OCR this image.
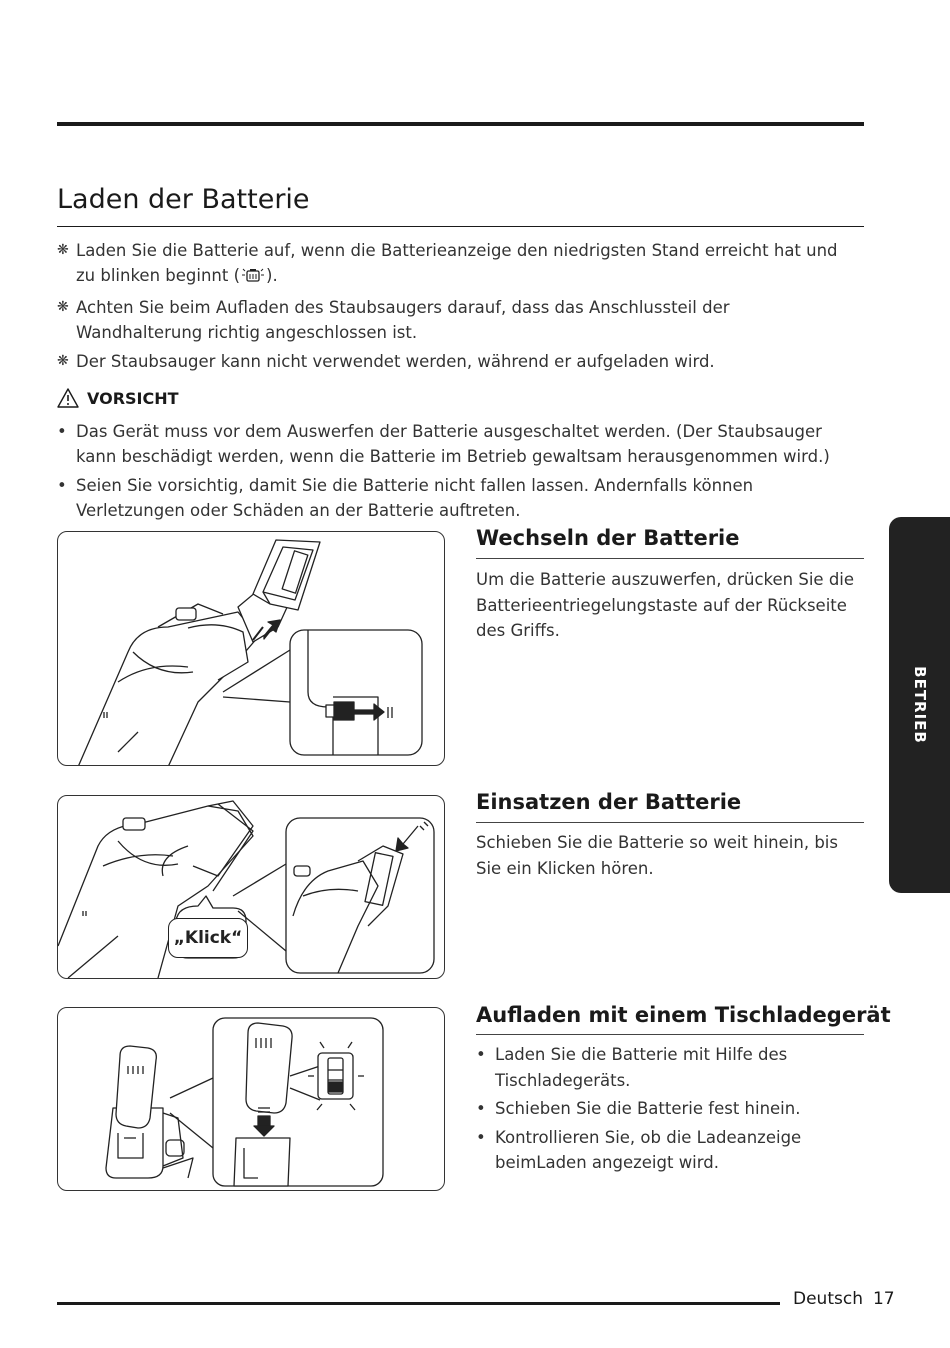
Laden der Batterie
❋ Laden Sie die Batterie auf, wenn die Batterieanzeige den niedrigsten Stand erreicht hat und zu blinken beginnt ( ).
❋ Achten Sie beim Aufladen des Staubsaugers darauf, dass das Anschlussteil der Wandhalterung richtig angeschlossen ist.
❋ Der Staubsauger kann nicht verwendet werden, während er aufgeladen wird.
VORSICHT
• Das Gerät muss vor dem Auswerfen der Batterie ausgeschaltet werden. (Der Staubsauger kann beschädigt werden, wenn die Batterie im Betrieb gewaltsam herausgenommen wird.)
• Seien Sie vorsichtig, damit Sie die Batterie nicht fallen lassen. Andernfalls können Verletzungen oder Schäden an der Batterie auftreten.
„Klick“
Wechseln der Batterie

Um die Batterie auszuwerfen, drücken Sie die Batterieentriegelungstaste auf der Rückseite des Griffs.

Einsatzen der Batterie

Schieben Sie die Batterie so weit hinein, bis Sie ein Klicken hören.

Aufladen mit einem Tischladegerät
• Laden Sie die Batterie mit Hilfe des Tischladegeräts.
• Schieben Sie die Batterie fest hinein.
• Kontrollieren Sie, ob die Ladeanzeige beimLaden angezeigt wird.
BETRIEB
Deutsch 17
